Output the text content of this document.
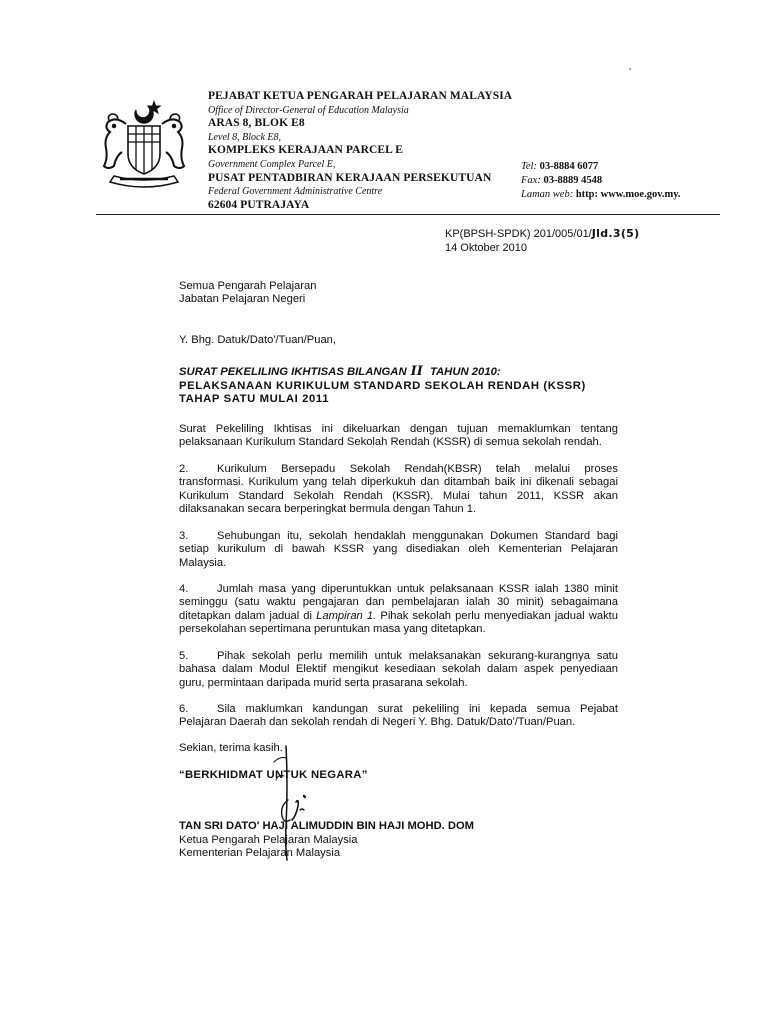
PEJABAT KETUA PENGARAH PELAJARAN MALAYSIA
Office of Director-General of Education Malaysia
ARAS 8, BLOK E8
Level 8, Block E8,
KOMPLEKS KERAJAAN PARCEL E
Government Complex Parcel E,
PUSAT PENTADBIRAN KERAJAAN PERSEKUTUAN
Federal Government Administrative Centre
62604 PUTRAJAYA
Tel: 03-8884 6077
Fax: 03-8889 4548
Laman web: http: www.moe.gov.my.
KP(BPSH-SPDK) 201/005/01/Jld.3(5)
14 Oktober 2010
Semua Pengarah Pelajaran
Jabatan Pelajaran Negeri
Y. Bhg. Datuk/Dato'/Tuan/Puan,
SURAT PEKELILING IKHTISAS BILANGAN II TAHUN 2010:
PELAKSANAAN KURIKULUM STANDARD SEKOLAH RENDAH (KSSR)
TAHAP SATU MULAI 2011
Surat Pekeliling Ikhtisas ini dikeluarkan dengan tujuan memaklumkan tentang
pelaksanaan Kurikulum Standard Sekolah Rendah (KSSR) di semua sekolah rendah.
2.	Kurikulum Bersepadu Sekolah Rendah(KBSR) telah melalui proses
transformasi. Kurikulum yang telah diperkukuh dan ditambah baik ini dikenali sebagai
Kurikulum Standard Sekolah Rendah (KSSR). Mulai tahun 2011, KSSR akan
dilaksanakan secara berperingkat bermula dengan Tahun 1.
3.	Sehubungan itu, sekolah hendaklah menggunakan Dokumen Standard bagi
setiap kurikulum di bawah KSSR yang disediakan oleh Kementerian Pelajaran
Malaysia.
4.	Jumlah masa yang diperuntukkan untuk pelaksanaan KSSR ialah 1380 minit
seminggu (satu waktu pengajaran dan pembelajaran ialah 30 minit) sebagaimana
ditetapkan dalam jadual di Lampiran 1. Pihak sekolah perlu menyediakan jadual waktu
persekolahan sepertimana peruntukan masa yang ditetapkan.
5.	Pihak sekolah perlu memilih untuk melaksanakan sekurang-kurangnya satu
bahasa dalam Modul Elektif mengikut kesediaan sekolah dalam aspek penyediaan
guru, permintaan daripada murid serta prasarana sekolah.
6.	Sila maklumkan kandungan surat pekeliling ini kepada semua Pejabat
Pelajaran Daerah dan sekolah rendah di Negeri Y. Bhg. Datuk/Dato'/Tuan/Puan.
Sekian, terima kasih.
“BERKHIDMAT UNTUK NEGARA”
TAN SRI DATO' HAJI ALIMUDDIN BIN HAJI MOHD. DOM
Ketua Pengarah Pelajaran Malaysia
Kementerian Pelajaran Malaysia
